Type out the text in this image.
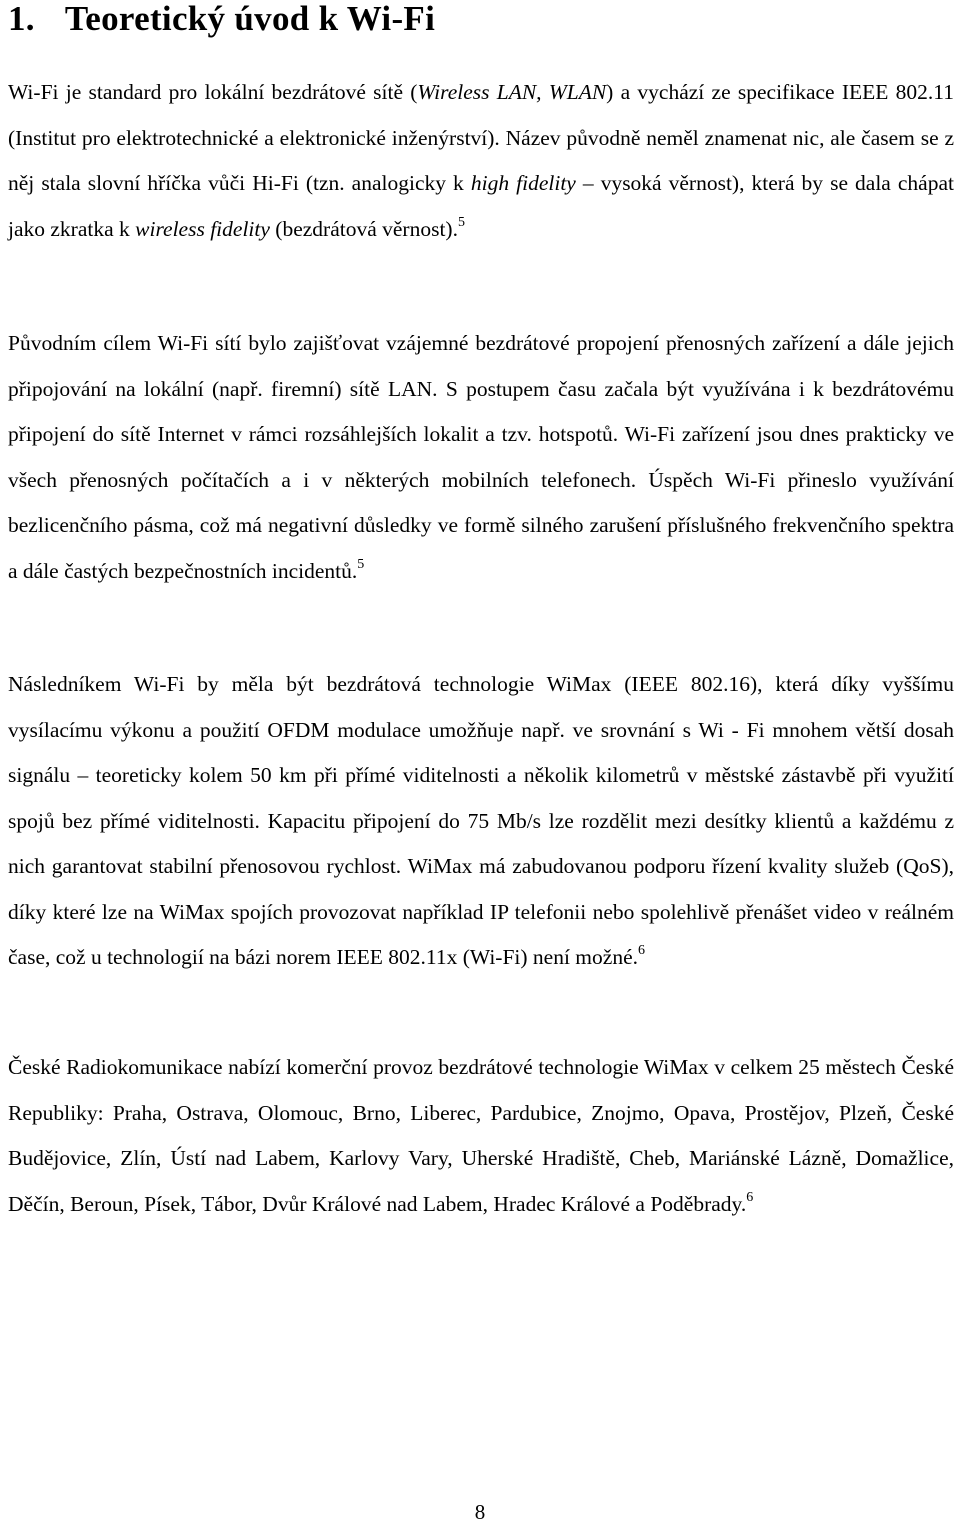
1. Teoretický úvod k Wi-Fi

Wi-Fi je standard pro lokální bezdrátové sítě (Wireless LAN, WLAN) a vychází ze specifikace IEEE 802.11 (Institut pro elektrotechnické a elektronické inženýrství). Název původně neměl znamenat nic, ale časem se z něj stala slovní hříčka vůči Hi-Fi (tzn. analogicky k high fidelity – vysoká věrnost), která by se dala chápat jako zkratka k wireless fidelity (bezdrátová věrnost).$^5$

Původním cílem Wi-Fi sítí bylo zajišťovat vzájemné bezdrátové propojení přenosných zařízení a dále jejich připojování na lokální (např. firemní) sítě LAN. S postupem času začala být využívána i k bezdrátovému připojení do sítě Internet v rámci rozsáhlejších lokalit a tzv. hotspotů. Wi-Fi zařízení jsou dnes prakticky ve všech přenosných počítačích a i v některých mobilních telefonech. Úspěch Wi-Fi přineslo využívání bezlicenčního pásma, což má negativní důsledky ve formě silného zarušení příslušného frekvenčního spektra a dále častých bezpečnostních incidentů.$^5$

Následníkem Wi-Fi by měla být bezdrátová technologie WiMax (IEEE 802.16), která díky vyššímu vysílacímu výkonu a použití OFDM modulace umožňuje např. ve srovnání s Wi - Fi mnohem větší dosah signálu – teoreticky kolem 50 km při přímé viditelnosti a několik kilometrů v městské zástavbě při využití spojů bez přímé viditelnosti. Kapacitu připojení do 75 Mb/s lze rozdělit mezi desítky klientů a každému z nich garantovat stabilní přenosovou rychlost. WiMax má zabudovanou podporu řízení kvality služeb (QoS), díky které lze na WiMax spojích provozovat například IP telefonii nebo spolehlivě přenášet video v reálném čase, což u technologií na bázi norem IEEE 802.11x (Wi-Fi) není možné.$^6$

České Radiokomunikace nabízí komerční provoz bezdrátové technologie WiMax v celkem 25 městech České Republiky: Praha, Ostrava, Olomouc, Brno, Liberec, Pardubice, Znojmo, Opava, Prostějov, Plzeň, České Budějovice, Zlín, Ústí nad Labem, Karlovy Vary, Uherské Hradiště, Cheb, Mariánské Lázně, Domažlice, Děčín, Beroun, Písek, Tábor, Dvůr Králové nad Labem, Hradec Králové a Poděbrady.$^6$

8
